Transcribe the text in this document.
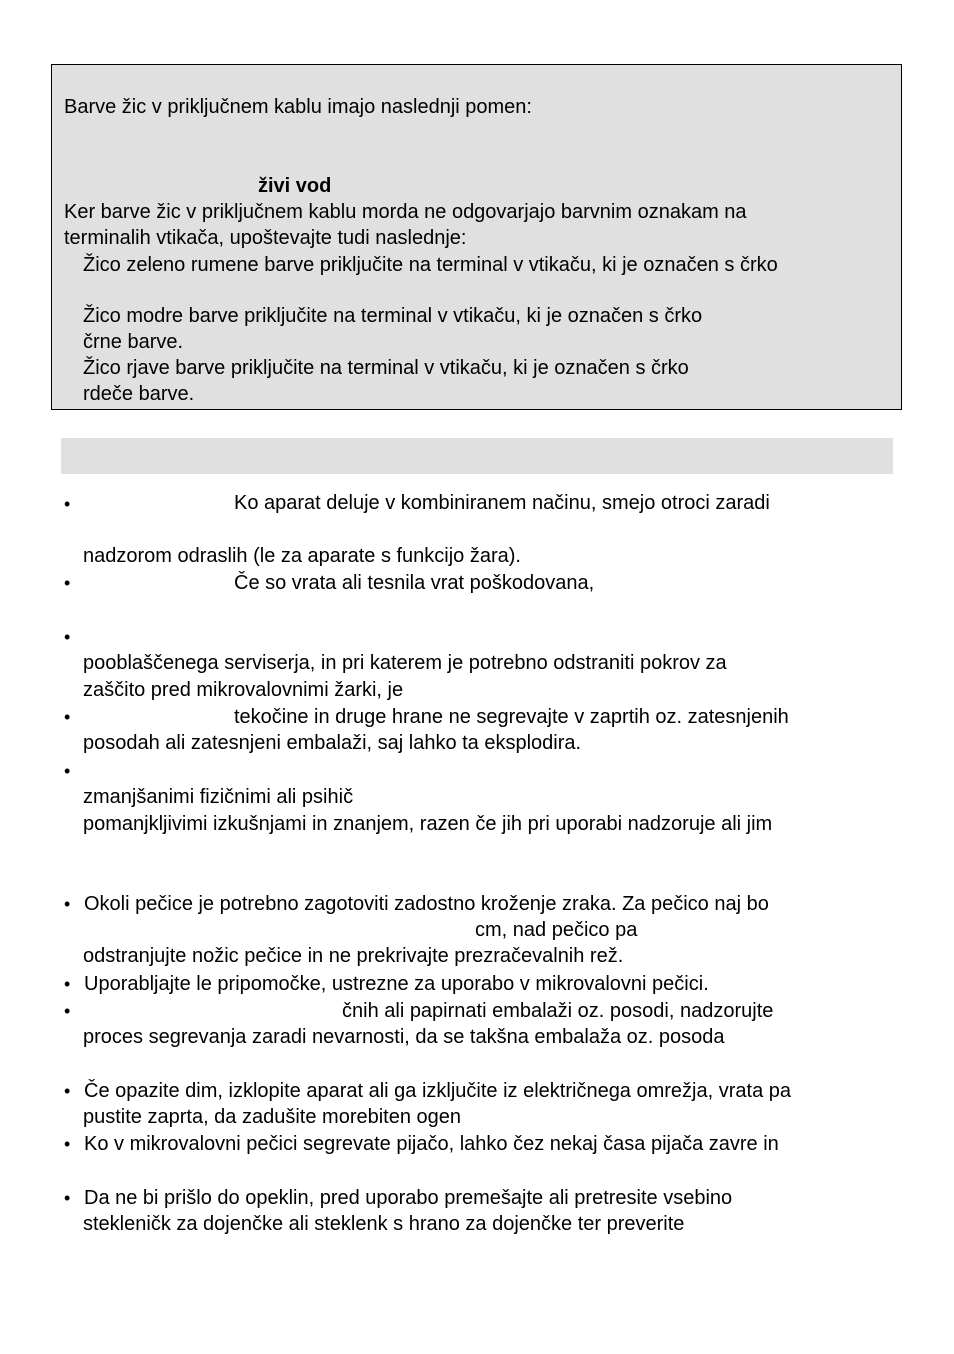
Barve žic v priključnem kablu imajo naslednji pomen:
živi vod
Ker barve žic v priključnem kablu morda ne odgovarjajo barvnim oznakam na
terminalih vtikača, upoštevajte tudi naslednje:
Žico zeleno rumene barve priključite na terminal v vtikaču, ki je označen s črko
Žico modre barve priključite na terminal v vtikaču, ki je označen s črko
črne barve.
Žico rjave barve priključite na terminal v vtikaču, ki je označen s črko
rdeče barve.
•
•
•
•
•
•
•
•
•
•
•
Ko aparat deluje v kombiniranem načinu, smejo otroci zaradi
nadzorom odraslih (le za aparate s funkcijo žara).
Če so vrata ali tesnila vrat poškodovana,
pooblaščenega serviserja, in pri katerem je potrebno odstraniti pokrov za
zaščito pred mikrovalovnimi žarki, je
tekočine in druge hrane ne segrevajte v zaprtih oz. zatesnjenih
posodah ali zatesnjeni embalaži, saj lahko ta eksplodira.
zmanjšanimi fizičnimi ali psihič
pomanjkljivimi izkušnjami in znanjem, razen če jih pri uporabi nadzoruje ali jim
Okoli pečice je potrebno zagotoviti zadostno kroženje zraka. Za pečico naj bo
cm, nad pečico pa
odstranjujte nožic pečice in ne prekrivajte prezračevalnih rež.
Uporabljajte le pripomočke, ustrezne za uporabo v mikrovalovni pečici.
čnih ali papirnati embalaži oz. posodi, nadzorujte
proces segrevanja zaradi nevarnosti, da se takšna embalaža oz. posoda
Če opazite dim, izklopite aparat ali ga izključite iz električnega omrežja, vrata pa
pustite zaprta, da zadušite morebiten ogen
Ko v mikrovalovni pečici segrevate pijačo, lahko čez nekaj časa pijača zavre in
Da ne bi prišlo do opeklin, pred uporabo premešajte ali pretresite vsebino
stekleničk za dojenčke ali steklenk s hrano za dojenčke ter preverite
